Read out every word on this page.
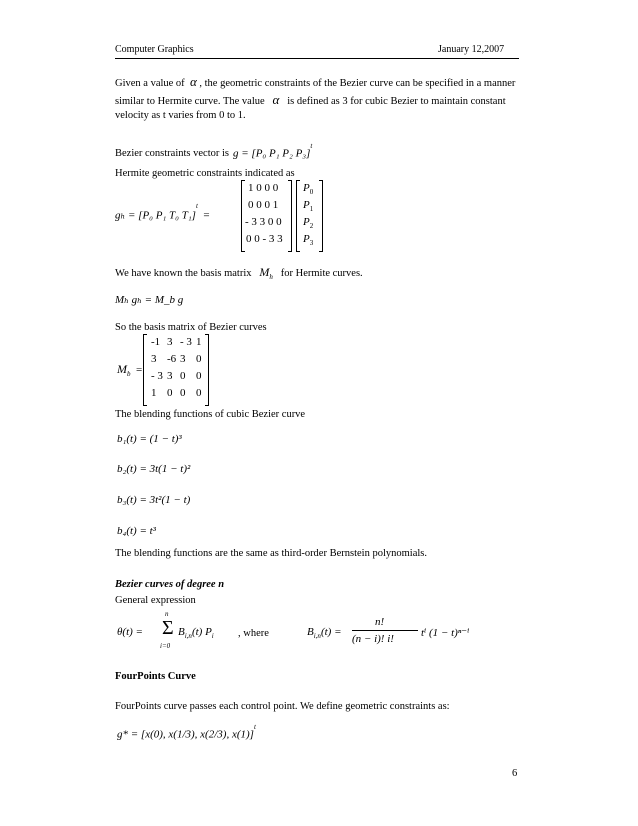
Computer Graphics	January 12,2007
Given a value of α , the geometric constraints of the Bezier curve can be specified in a manner
similar to Hermite curve. The value α is defined as 3 for cubic Bezier to maintain constant
velocity as t varies from 0 to 1.
Bezier constraints vector is g = [P₀ P₁ P₂ P₃]$^t$
Hermite geometric constraints indicated as
gₕ = [P₀ P₁ T₀ T₁]$^t$  =
1 0 0 0
0 0 0 1
- 3 3 0 0
0 0 - 3 3
$P_0$
$P_1$
$P_2$
$P_3$
We have known the basis matrix $M_h$ for Hermite curves.
Mₕ gₕ = M_b g
So the basis matrix of Bezier curves
$M_b$ =
-1 3 - 3 1
3 -6 3 0
- 3 3 0 0
1 0 0 0
The blending functions of cubic Bezier curve
b₁(t) = (1 − t)³
b₂(t) = 3t(1 − t)²
b₃(t) = 3t²(1 − t)
b₄(t) = t³
The blending functions are the same as third-order Bernstein polynomials.
Bezier curves of degree n
General expression
θ(t) = Σ
n
i=0
$B_{i,n}(t)$ $P_i$ , where	$B_{i,n}(t)$ =
n!
(n − i)! i! tⁱ (1 − t)ⁿ⁻ⁱ
FourPoints Curve
FourPoints curve passes each control point. We define geometric constraints as:
g* = [x(0), x(1/3), x(2/3), x(1)]$^t$
6
